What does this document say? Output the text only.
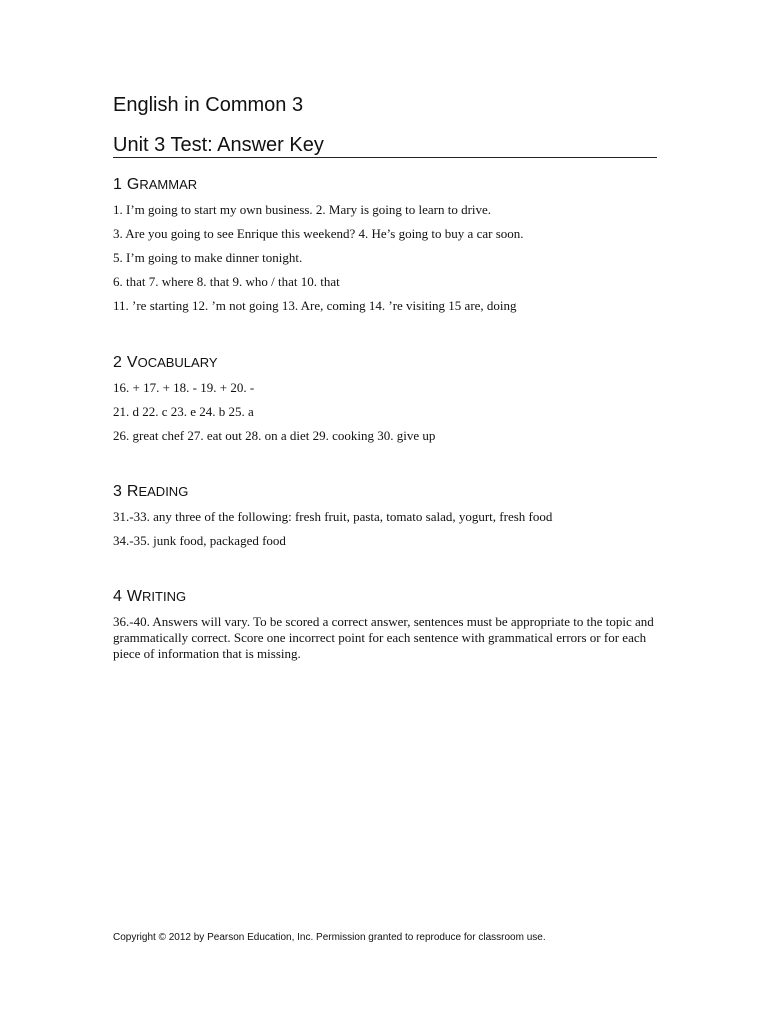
English in Common 3
Unit 3 Test: Answer Key
1 GRAMMAR
1. I’m going to start my own business. 2. Mary is going to learn to drive.
3. Are you going to see Enrique this weekend? 4. He’s going to buy a car soon.
5. I’m going to make dinner tonight.
6. that 7. where 8. that 9. who / that 10. that
11. ’re starting 12. ’m not going 13. Are, coming 14. ’re visiting 15 are, doing
2 VOCABULARY
16. + 17. + 18. - 19. + 20. -
21. d 22. c 23. e 24. b 25. a
26. great chef 27. eat out 28. on a diet 29. cooking 30. give up
3 READING
31.-33. any three of the following: fresh fruit, pasta, tomato salad, yogurt, fresh food
34.-35. junk food, packaged food
4 WRITING

36.-40. Answers will vary. To be scored a correct answer, sentences must be appropriate to the topic and grammatically correct. Score one incorrect point for each sentence with grammatical errors or for each piece of information that is missing.

Copyright © 2012 by Pearson Education, Inc. Permission granted to reproduce for classroom use.
